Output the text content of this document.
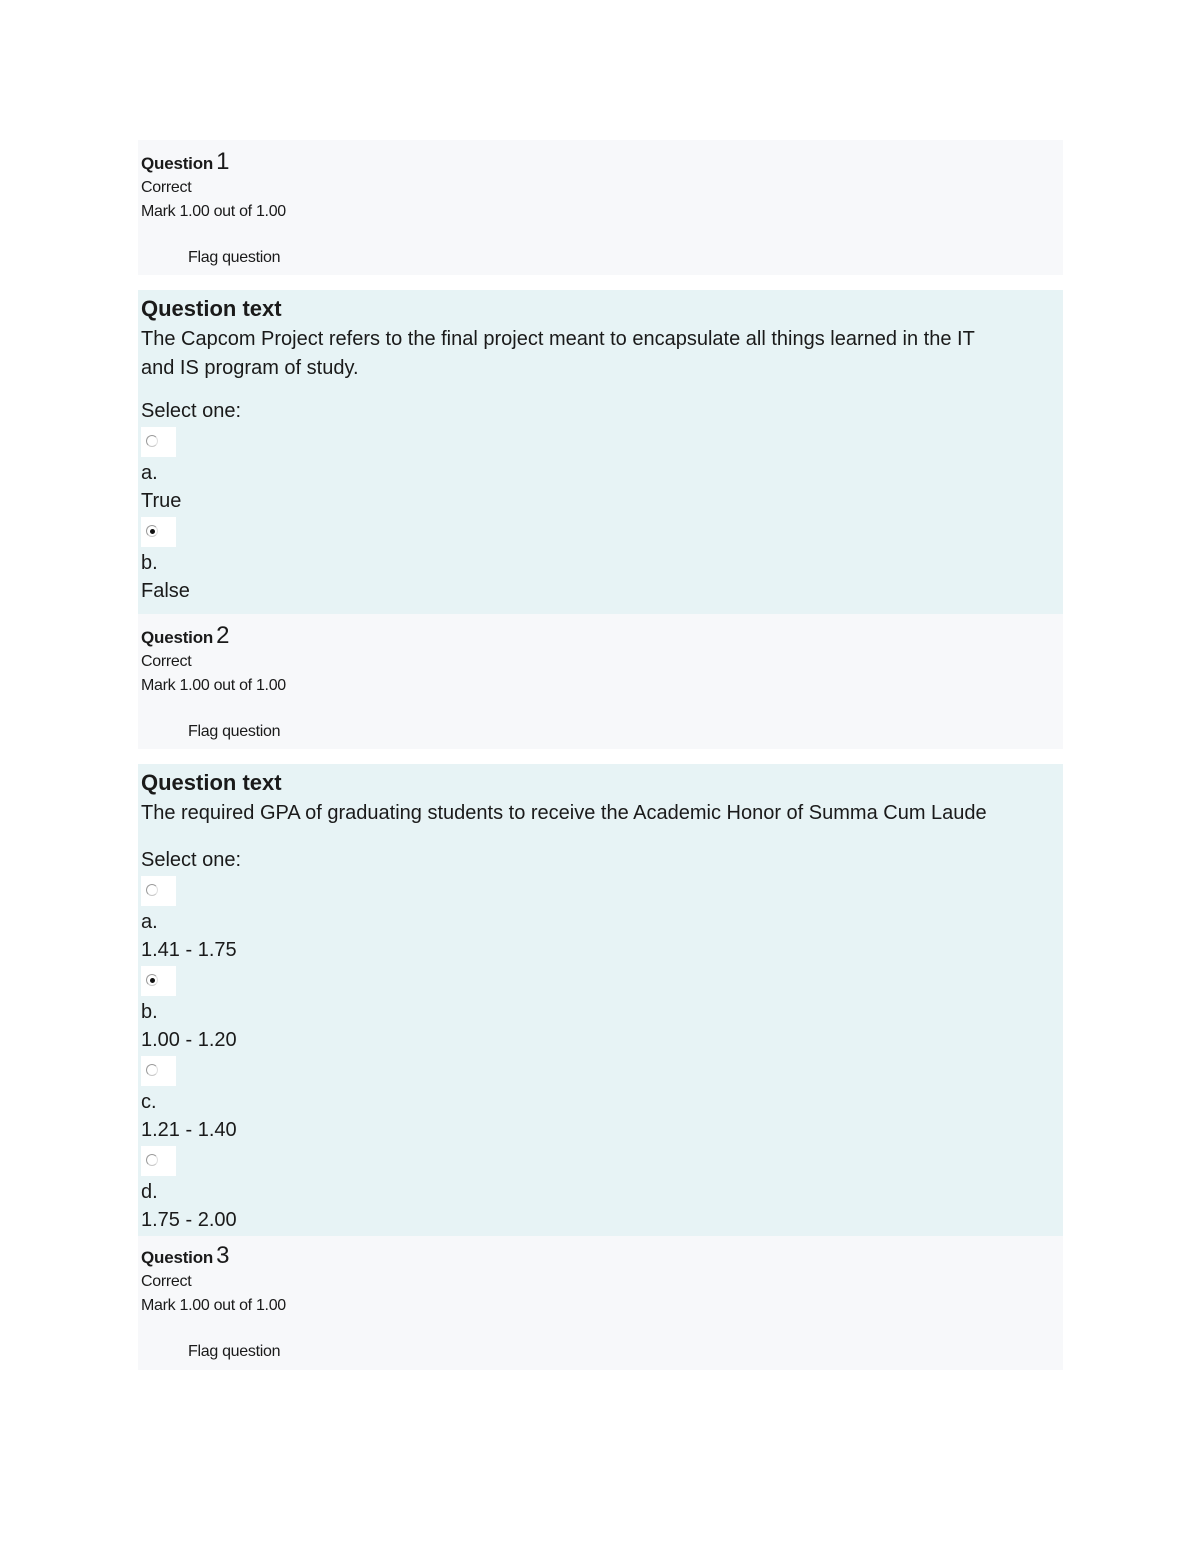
Question 1
Correct
Mark 1.00 out of 1.00
Flag question
Question text
The Capcom Project refers to the final project meant to encapsulate all things learned in the IT
and IS program of study.
Select one:
a.
True
b.
False
Question 2
Correct
Mark 1.00 out of 1.00
Flag question
Question text
The required GPA of graduating students to receive the Academic Honor of Summa Cum Laude
Select one:
a.
1.41 - 1.75
b.
1.00 - 1.20
c.
1.21 - 1.40
d.
1.75 - 2.00
Question 3
Correct
Mark 1.00 out of 1.00
Flag question
